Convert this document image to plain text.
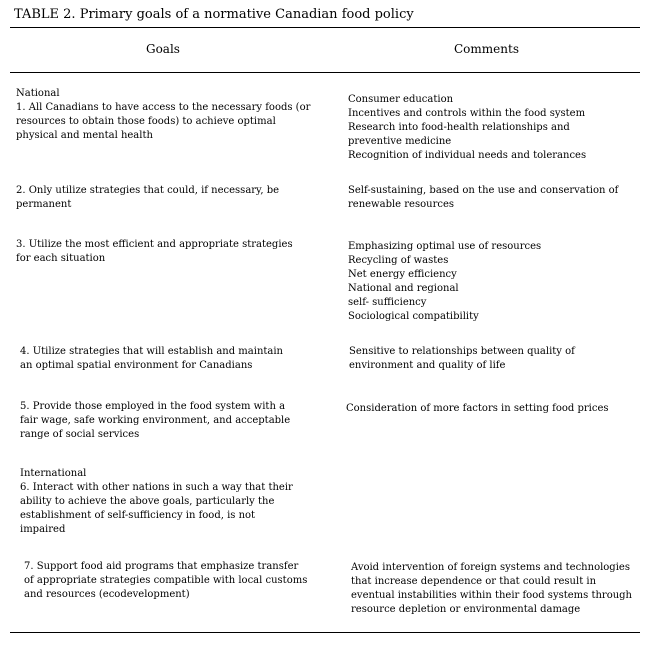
TABLE 2. Primary goals of a normative Canadian food policy
Goals	Comments
National
1. All Canadians to have access to the necessary foods (or
resources to obtain those foods) to achieve optimal
physical and mental health
Consumer education
Incentives and controls within the food system
Research into food-health relationships and
preventive medicine
Recognition of individual needs and tolerances
2. Only utilize strategies that could, if necessary, be
permanent
Self-sustaining, based on the use and conservation of
renewable resources
3. Utilize the most efficient and appropriate strategies
for each situation
Emphasizing optimal use of resources
Recycling of wastes
Net energy efficiency
National and regional
self- sufficiency
Sociological compatibility
4. Utilize strategies that will establish and maintain
an optimal spatial environment for Canadians
Sensitive to relationships between quality of
environment and quality of life
5. Provide those employed in the food system with a
fair wage, safe working environment, and acceptable
range of social services
Consideration of more factors in setting food prices
International
6. Interact with other nations in such a way that their
ability to achieve the above goals, particularly the
establishment of self-sufficiency in food, is not
impaired
7. Support food aid programs that emphasize transfer
of appropriate strategies compatible with local customs
and resources (ecodevelopment)
Avoid intervention of foreign systems and technologies
that increase dependence or that could result in
eventual instabilities within their food systems through
resource depletion or environmental damage
